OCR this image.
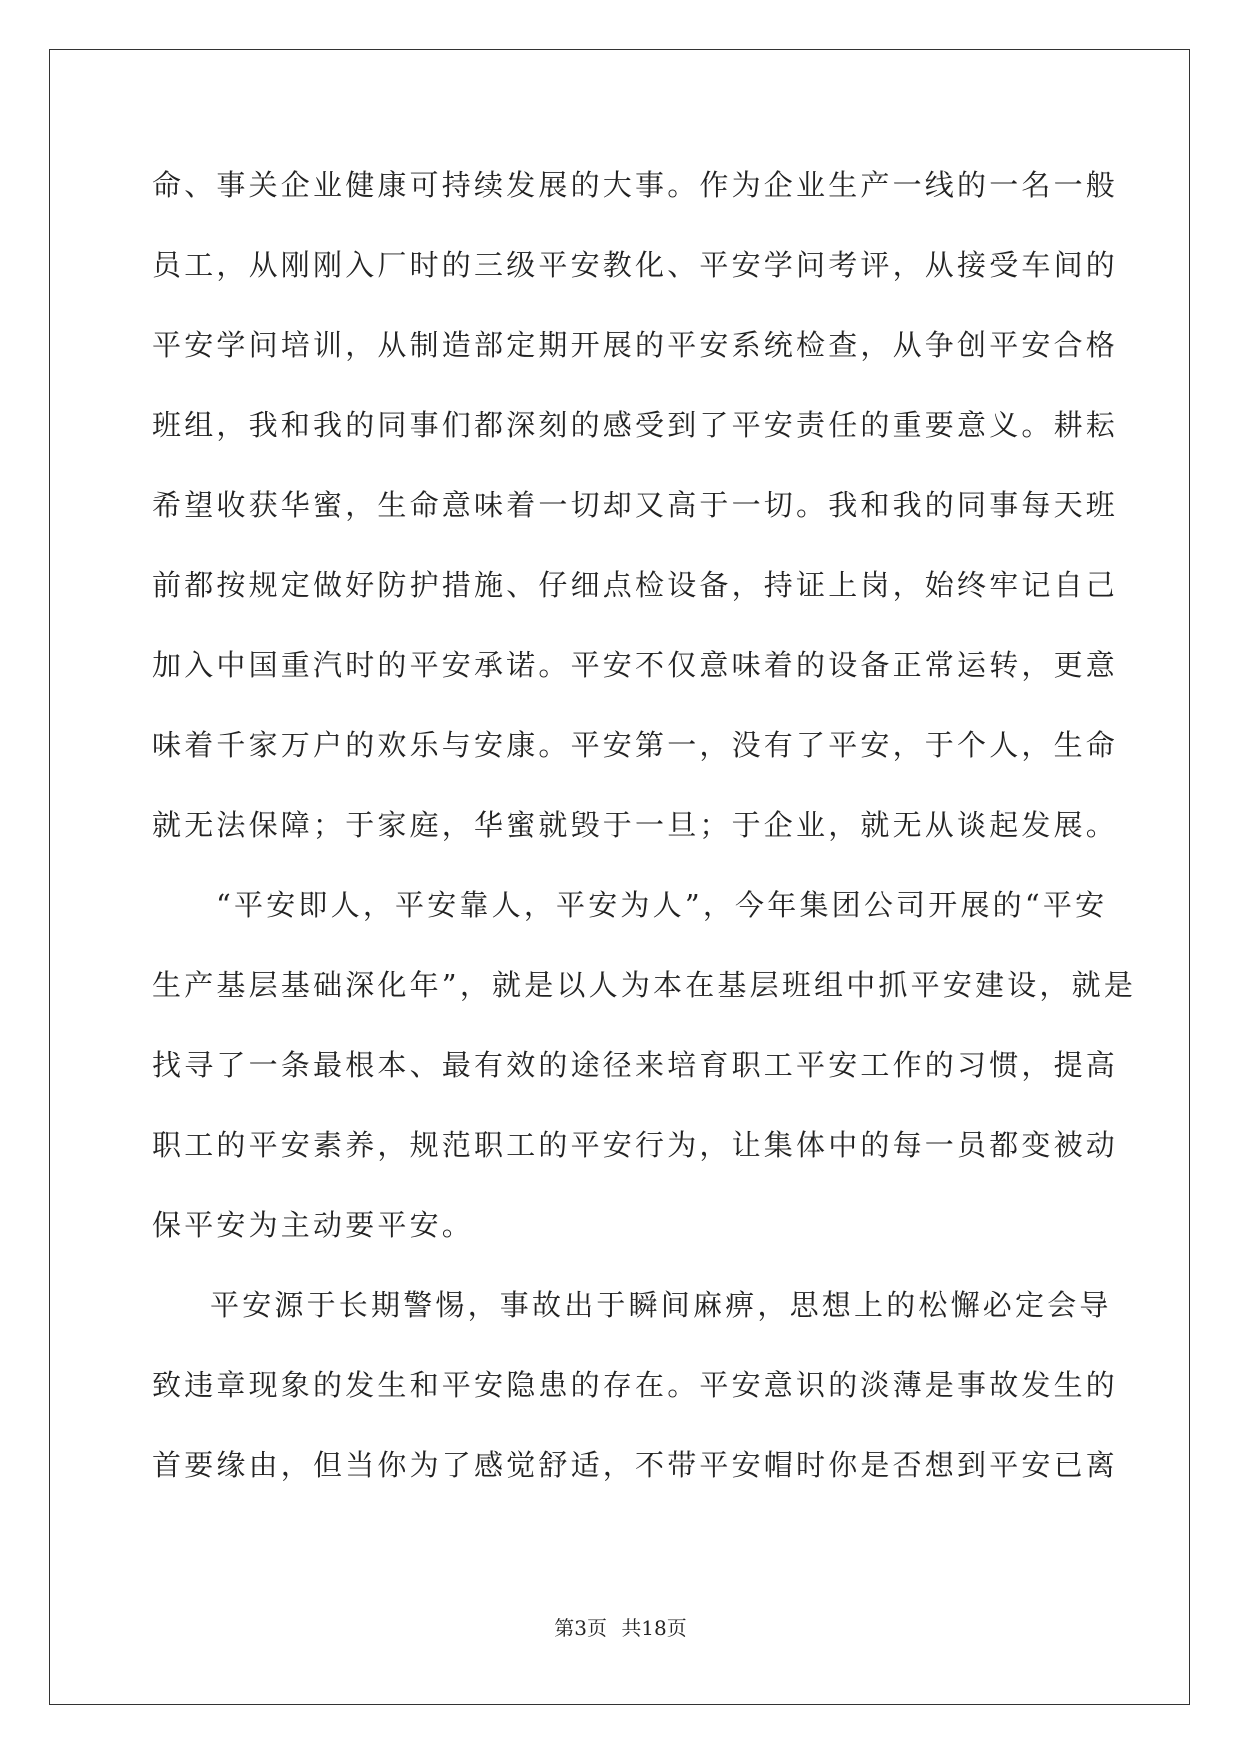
命、事关企业健康可持续发展的大事。作为企业生产一线的一名一般
员工，从刚刚入厂时的三级平安教化、平安学问考评，从接受车间的
平安学问培训，从制造部定期开展的平安系统检查，从争创平安合格
班组，我和我的同事们都深刻的感受到了平安责任的重要意义。耕耘
希望收获华蜜，生命意味着一切却又高于一切。我和我的同事每天班
前都按规定做好防护措施、仔细点检设备，持证上岗，始终牢记自己
加入中国重汽时的平安承诺。平安不仅意味着的设备正常运转，更意
味着千家万户的欢乐与安康。平安第一，没有了平安，于个人，生命
就无法保障；于家庭，华蜜就毁于一旦；于企业，就无从谈起发展。
“平安即人，平安靠人，平安为人”，今年集团公司开展的“平安
生产基层基础深化年”，就是以人为本在基层班组中抓平安建设，就是
找寻了一条最根本、最有效的途径来培育职工平安工作的习惯，提高
职工的平安素养，规范职工的平安行为，让集体中的每一员都变被动
保平安为主动要平安。
平安源于长期警惕，事故出于瞬间麻痹，思想上的松懈必定会导
致违章现象的发生和平安隐患的存在。平安意识的淡薄是事故发生的
首要缘由，但当你为了感觉舒适，不带平安帽时你是否想到平安已离
第3页 共18页
